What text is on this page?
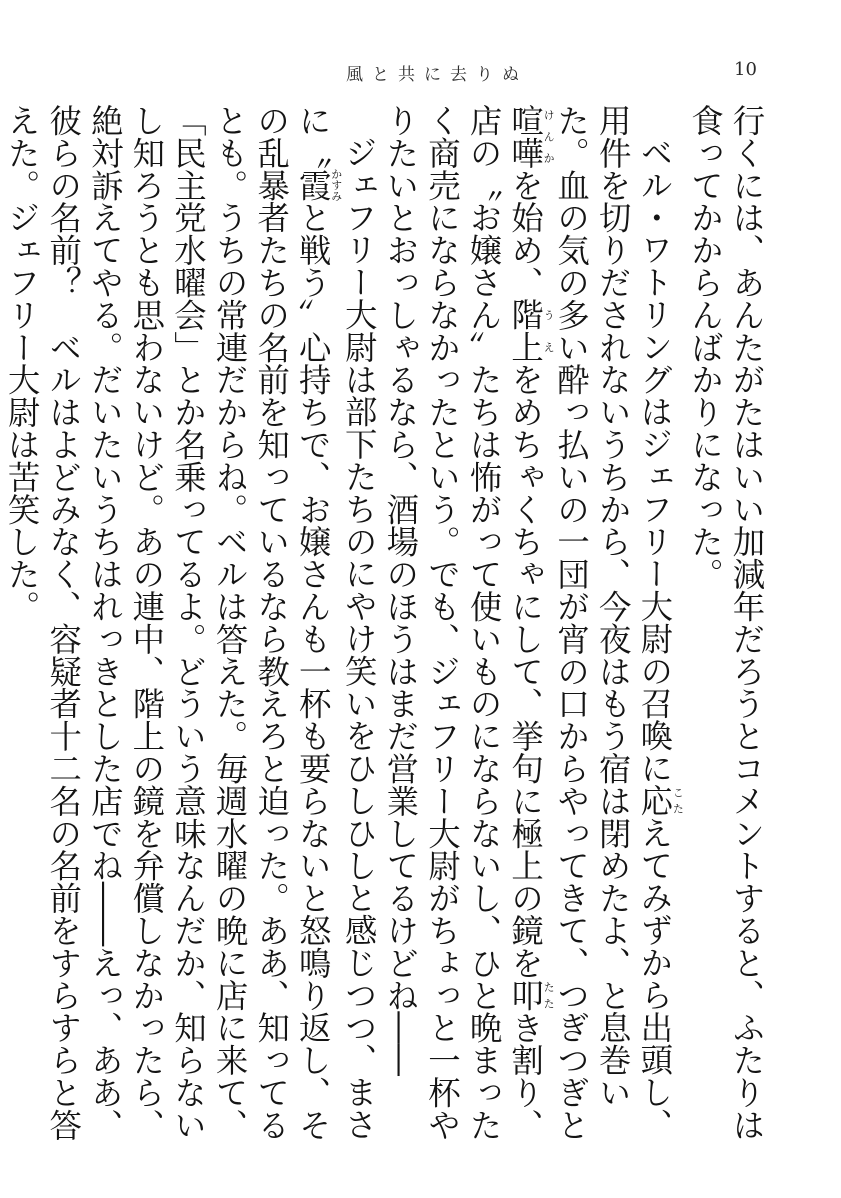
風と共に去りぬ	10

行くには、あんたがたはいい加減年だろうとコメントすると、ふたりは食ってかからんばかりになった。

ベル・ワトリングはジェフリー大尉の召喚に応こたえてみずから出頭し、用件を切りだされないうちから、今夜はもう宿は閉めたよ、と息巻いた。血の気の多い酔っ払いの一団が宵の口からやってきて、つぎつぎと喧嘩けんかを始め、階上うえをめちゃくちゃにして、挙句に極上の鏡を叩たたき割り、店の〝お嬢さん〟たちは怖がって使いものにならないし、ひと晩まったく商売にならなかったという。でも、ジェフリー大尉がちょっと一杯やりたいとおっしゃるなら、酒場のほうはまだ営業してるけどね――

ジェフリー大尉は部下たちのにやけ笑いをひしひしと感じつつ、まさに〝霞かすみと戦う〟心持ちで、お嬢さんも一杯も要らないと怒鳴り返し、その乱暴者たちの名前を知っているなら教えろと迫った。ああ、知ってるとも。うちの常連だからね。ベルは答えた。毎週水曜の晩に店に来て、「民主党水曜会」とか名乗ってるよ。どういう意味なんだか、知らないし知ろうとも思わないけど。あの連中、階上の鏡を弁償しなかったら、絶対訴えてやる。だいたいうちはれっきとした店でね――えっ、ああ、彼らの名前？　ベルはよどみなく、容疑者十二名の名前をすらすらと答えた。ジェフリー大尉は苦笑した。
